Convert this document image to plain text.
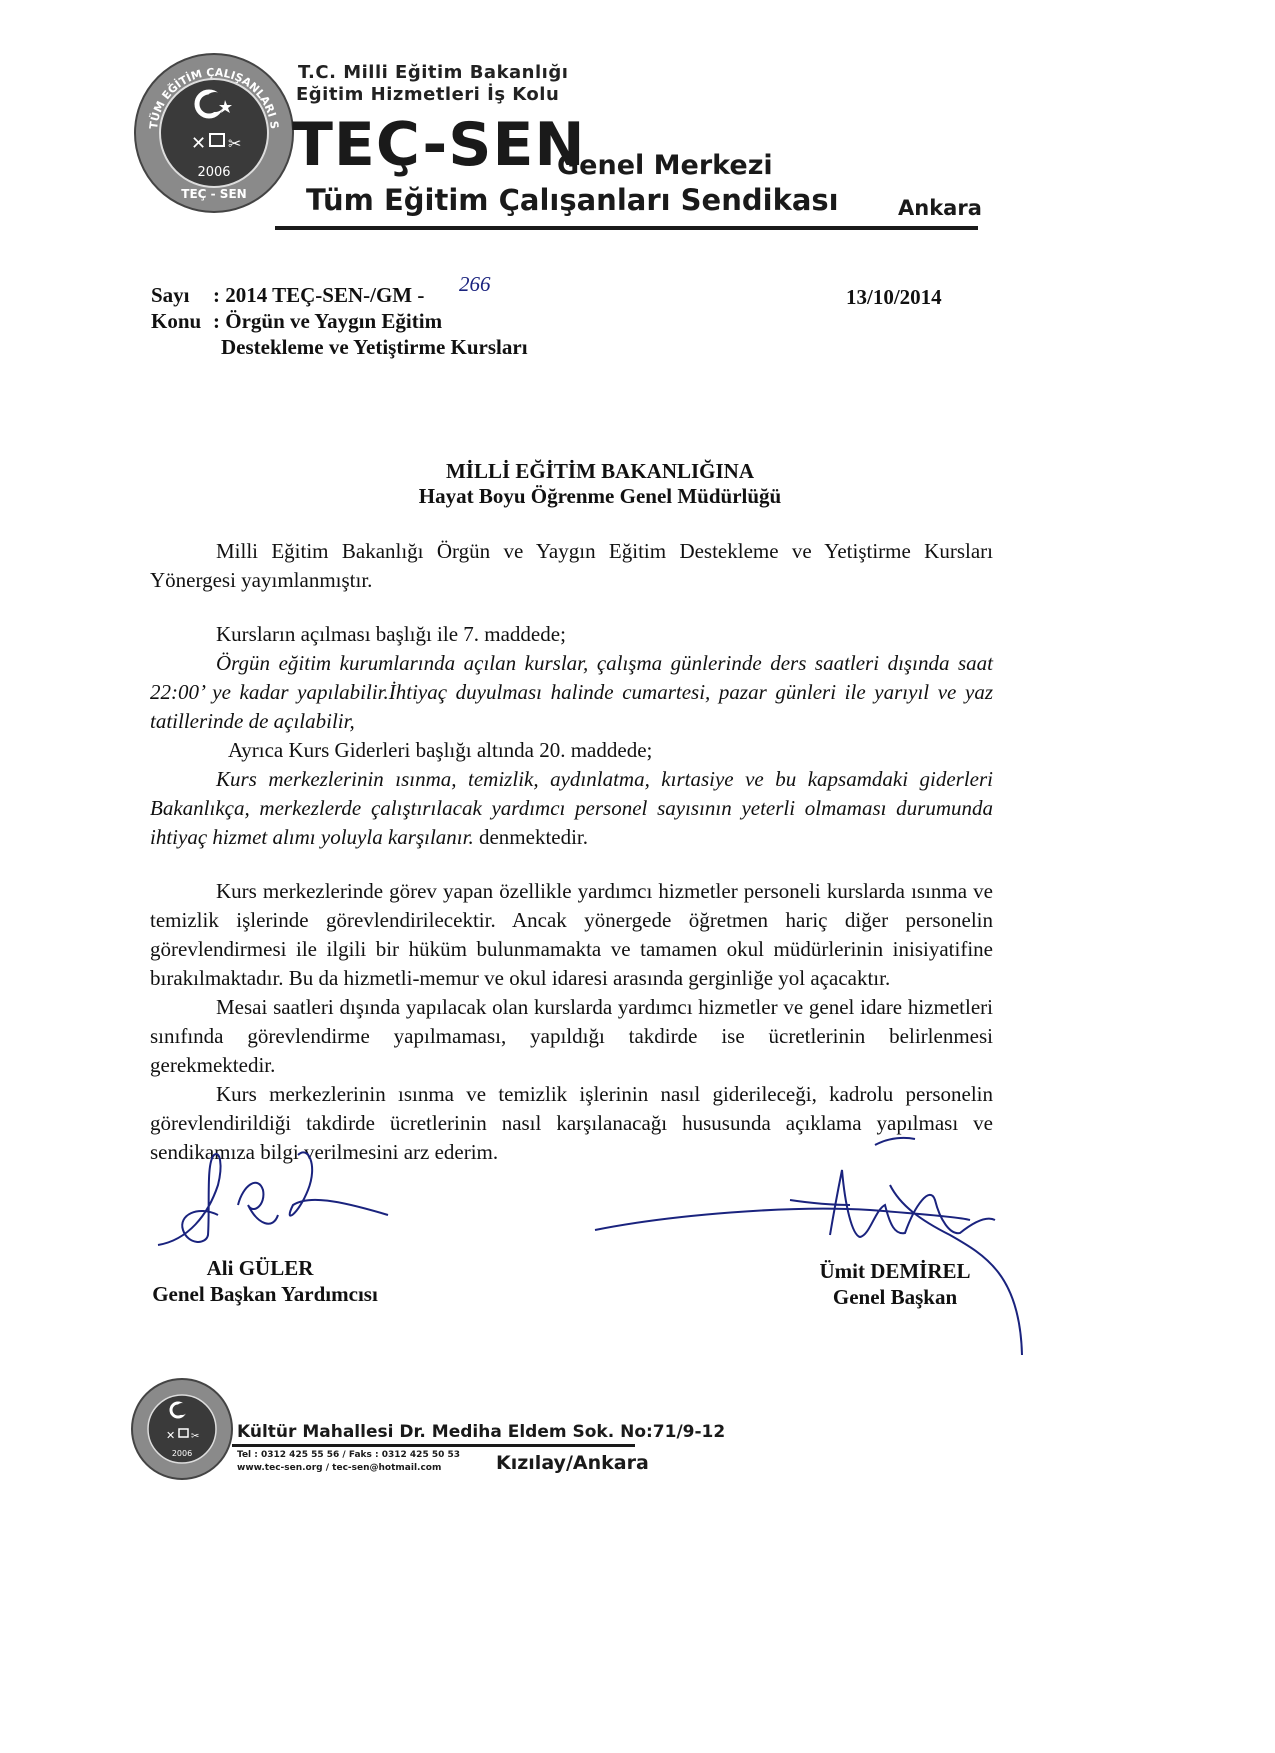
TÜM EĞİTİM ÇALIŞANLARI S
✕ ✂
2006
TEÇ - SEN
T.C. Milli Eğitim Bakanlığı
Eğitim Hizmetleri İş Kolu
TEÇ-SEN
Genel Merkezi
Tüm Eğitim Çalışanları Sendikası	Ankara
Sayı : 2014 TEÇ-SEN-/GM - 266
13/10/2014
Konu : Örgün ve Yaygın Eğitim
Destekleme ve Yetiştirme Kursları
MİLLİ EĞİTİM BAKANLIĞINA
Hayat Boyu Öğrenme Genel Müdürlüğü

Milli Eğitim Bakanlığı Örgün ve Yaygın Eğitim Destekleme ve Yetiştirme Kursları Yönergesi yayımlanmıştır.

Kursların açılması başlığı ile 7. maddede;

Örgün eğitim kurumlarında açılan kurslar, çalışma günlerinde ders saatleri dışında saat 22:00’ ye kadar yapılabilir.İhtiyaç duyulması halinde cumartesi, pazar günleri ile yarıyıl ve yaz tatillerinde de açılabilir,

Ayrıca Kurs Giderleri başlığı altında 20. maddede;

Kurs merkezlerinin ısınma, temizlik, aydınlatma, kırtasiye ve bu kapsamdaki giderleri Bakanlıkça, merkezlerde çalıştırılacak yardımcı personel sayısının yeterli olmaması durumunda ihtiyaç hizmet alımı yoluyla karşılanır. denmektedir.

Kurs merkezlerinde görev yapan özellikle yardımcı hizmetler personeli kurslarda ısınma ve temizlik işlerinde görevlendirilecektir. Ancak yönergede öğretmen hariç diğer personelin görevlendirmesi ile ilgili bir hüküm bulunmamakta ve tamamen okul müdürlerinin inisiyatifine bırakılmaktadır. Bu da hizmetli-memur ve okul idaresi arasında gerginliğe yol açacaktır.

Mesai saatleri dışında yapılacak olan kurslarda yardımcı hizmetler ve genel idare hizmetleri sınıfında görevlendirme yapılmaması, yapıldığı takdirde ise ücretlerinin belirlenmesi gerekmektedir.

Kurs merkezlerinin ısınma ve temizlik işlerinin nasıl giderileceği, kadrolu personelin görevlendirildiği takdirde ücretlerinin nasıl karşılanacağı hususunda açıklama yapılması ve sendikamıza bilgi verilmesini arz ederim.

Ali GÜLER
Genel Başkan Yardımcısı
Ümit DEMİREL
Genel Başkan
✕ ✂
2006
Kültür Mahallesi Dr. Mediha Eldem Sok. No:71/9-12
Tel : 0312 425 55 56 / Faks : 0312 425 50 53
www.tec-sen.org / tec-sen@hotmail.com	Kızılay/Ankara
